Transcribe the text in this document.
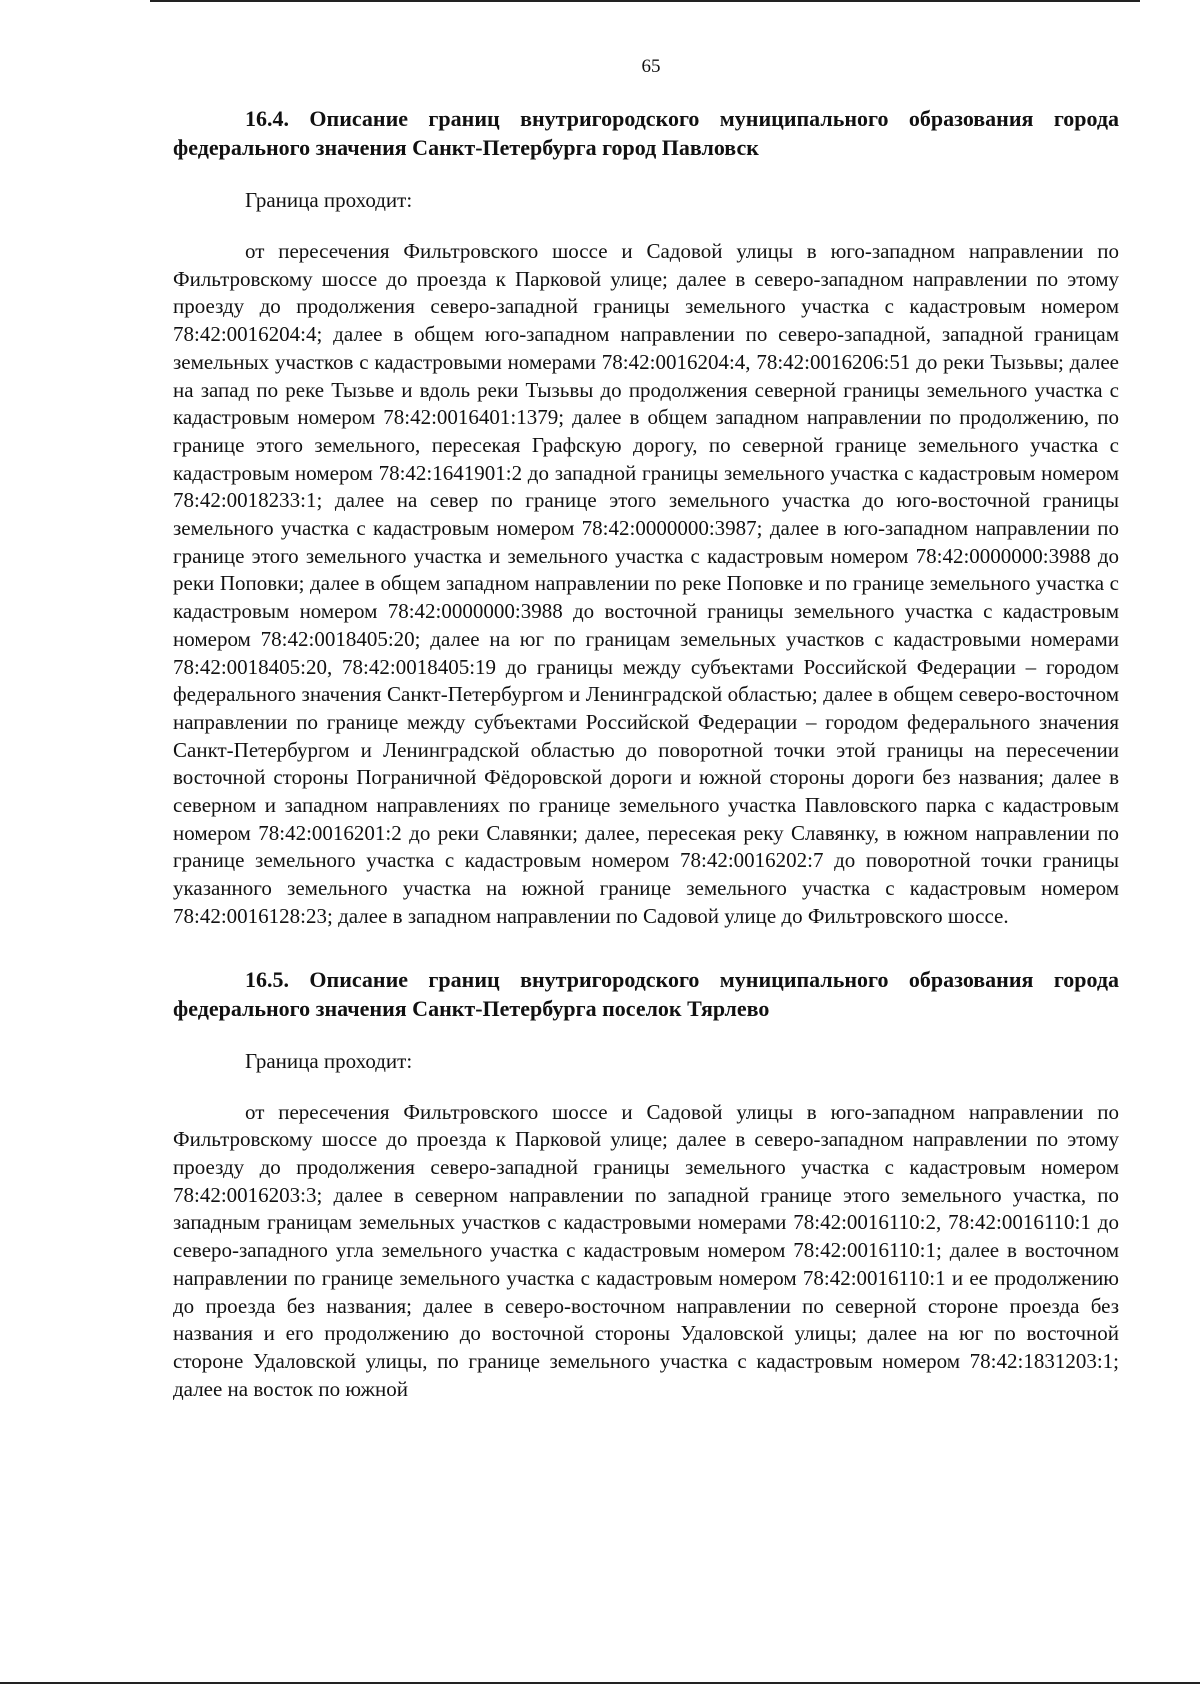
65

16.4. Описание границ внутригородского муниципального образования города федерального значения Санкт-Петербурга город Павловск

Граница проходит:

от пересечения Фильтровского шоссе и Садовой улицы в юго-западном направлении по Фильтровскому шоссе до проезда к Парковой улице; далее в северо-западном направлении по этому проезду до продолжения северо-западной границы земельного участка с кадастровым номером 78:42:0016204:4; далее в общем юго-западном направлении по северо-западной, западной границам земельных участков с кадастровыми номерами 78:42:0016204:4, 78:42:0016206:51 до реки Тызьвы; далее на запад по реке Тызьве и вдоль реки Тызьвы до продолжения северной границы земельного участка с кадастровым номером 78:42:0016401:1379; далее в общем западном направлении по продолжению, по границе этого земельного, пересекая Графскую дорогу, по северной границе земельного участка с кадастровым номером 78:42:1641901:2 до западной границы земельного участка с кадастровым номером 78:42:0018233:1; далее на север по границе этого земельного участка до юго-восточной границы земельного участка с кадастровым номером 78:42:0000000:3987; далее в юго-западном направлении по границе этого земельного участка и земельного участка с кадастровым номером 78:42:0000000:3988 до реки Поповки; далее в общем западном направлении по реке Поповке и по границе земельного участка с кадастровым номером 78:42:0000000:3988 до восточной границы земельного участка с кадастровым номером 78:42:0018405:20; далее на юг по границам земельных участков с кадастровыми номерами 78:42:0018405:20, 78:42:0018405:19 до границы между субъектами Российской Федерации – городом федерального значения Санкт-Петербургом и Ленинградской областью; далее в общем северо-восточном направлении по границе между субъектами Российской Федерации – городом федерального значения Санкт-Петербургом и Ленинградской областью до поворотной точки этой границы на пересечении восточной стороны Пограничной Фёдоровской дороги и южной стороны дороги без названия; далее в северном и западном направлениях по границе земельного участка Павловского парка с кадастровым номером 78:42:0016201:2 до реки Славянки; далее, пересекая реку Славянку, в южном направлении по границе земельного участка с кадастровым номером 78:42:0016202:7 до поворотной точки границы указанного земельного участка на южной границе земельного участка с кадастровым номером 78:42:0016128:23; далее в западном направлении по Садовой улице до Фильтровского шоссе.

16.5. Описание границ внутригородского муниципального образования города федерального значения Санкт-Петербурга поселок Тярлево

Граница проходит:

от пересечения Фильтровского шоссе и Садовой улицы в юго-западном направлении по Фильтровскому шоссе до проезда к Парковой улице; далее в северо-западном направлении по этому проезду до продолжения северо-западной границы земельного участка с кадастровым номером 78:42:0016203:3; далее в северном направлении по западной границе этого земельного участка, по западным границам земельных участков с кадастровыми номерами 78:42:0016110:2, 78:42:0016110:1 до северо-западного угла земельного участка с кадастровым номером 78:42:0016110:1; далее в восточном направлении по границе земельного участка с кадастровым номером 78:42:0016110:1 и ее продолжению до проезда без названия; далее в северо-восточном направлении по северной стороне проезда без названия и его продолжению до восточной стороны Удаловской улицы; далее на юг по восточной стороне Удаловской улицы, по границе земельного участка с кадастровым номером 78:42:1831203:1; далее на восток по южной
